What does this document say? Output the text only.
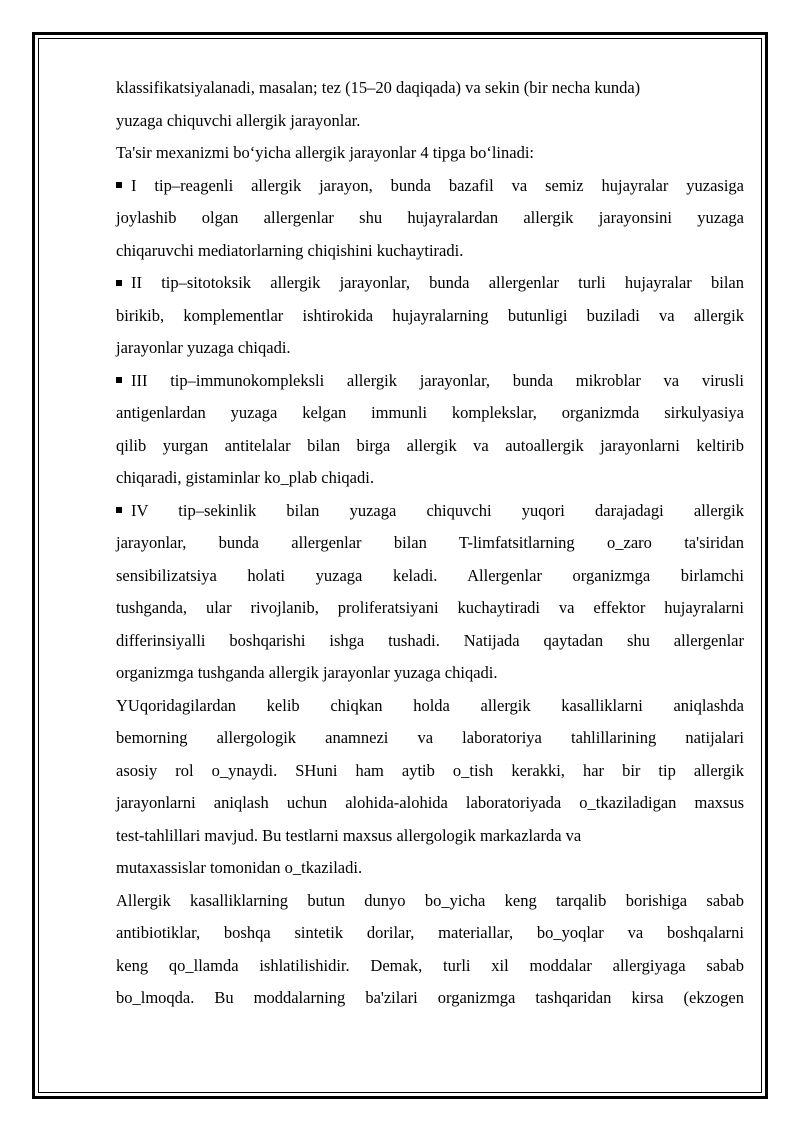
klassifikatsiyalanadi, masalan; tez (15–20 daqiqada) va sekin (bir necha kunda)
yuzaga chiquvchi allergik jarayonlar.
Ta'sir mexanizmi bo‘yicha allergik jarayonlar 4 tipga bo‘linadi:
I tip–reagenli allergik jarayon, bunda bazafil va semiz hujayralar yuzasiga
joylashib olgan allergenlar shu hujayralardan allergik jarayonsini yuzaga
chiqaruvchi mediatorlarning chiqishini kuchaytiradi.
II tip–sitotoksik allergik jarayonlar, bunda allergenlar turli hujayralar bilan
birikib, komplementlar ishtirokida hujayralarning butunligi buziladi va allergik
jarayonlar yuzaga chiqadi.
III tip–immunokompleksli allergik jarayonlar, bunda mikroblar va virusli
antigenlardan yuzaga kelgan immunli komplekslar, organizmda sirkulyasiya
qilib yurgan antitelalar bilan birga allergik va autoallergik jarayonlarni keltirib
chiqaradi, gistaminlar ko_plab chiqadi.
IV tip–sekinlik bilan yuzaga chiquvchi yuqori darajadagi allergik
jarayonlar, bunda allergenlar bilan T-limfatsitlarning o_zaro ta'siridan
sensibilizatsiya holati yuzaga keladi. Allergenlar organizmga birlamchi
tushganda, ular rivojlanib, proliferatsiyani kuchaytiradi va effektor hujayralarni
differinsiyalli boshqarishi ishga tushadi. Natijada qaytadan shu allergenlar
organizmga tushganda allergik jarayonlar yuzaga chiqadi.
YUqoridagilardan kelib chiqkan holda allergik kasalliklarni aniqlashda
bemorning allergologik anamnezi va laboratoriya tahlillarining natijalari
asosiy rol o_ynaydi. SHuni ham aytib o_tish kerakki, har bir tip allergik
jarayonlarni aniqlash uchun alohida-alohida laboratoriyada o_tkaziladigan maxsus
test-tahlillari mavjud. Bu testlarni maxsus allergologik markazlarda va
mutaxassislar tomonidan o_tkaziladi.
Allergik kasalliklarning butun dunyo bo_yicha keng tarqalib borishiga sabab
antibiotiklar, boshqa sintetik dorilar, materiallar, bo_yoqlar va boshqalarni
keng qo_llamda ishlatilishidir. Demak, turli xil moddalar allergiyaga sabab
bo_lmoqda. Bu moddalarning ba'zilari organizmga tashqaridan kirsa (ekzogen
